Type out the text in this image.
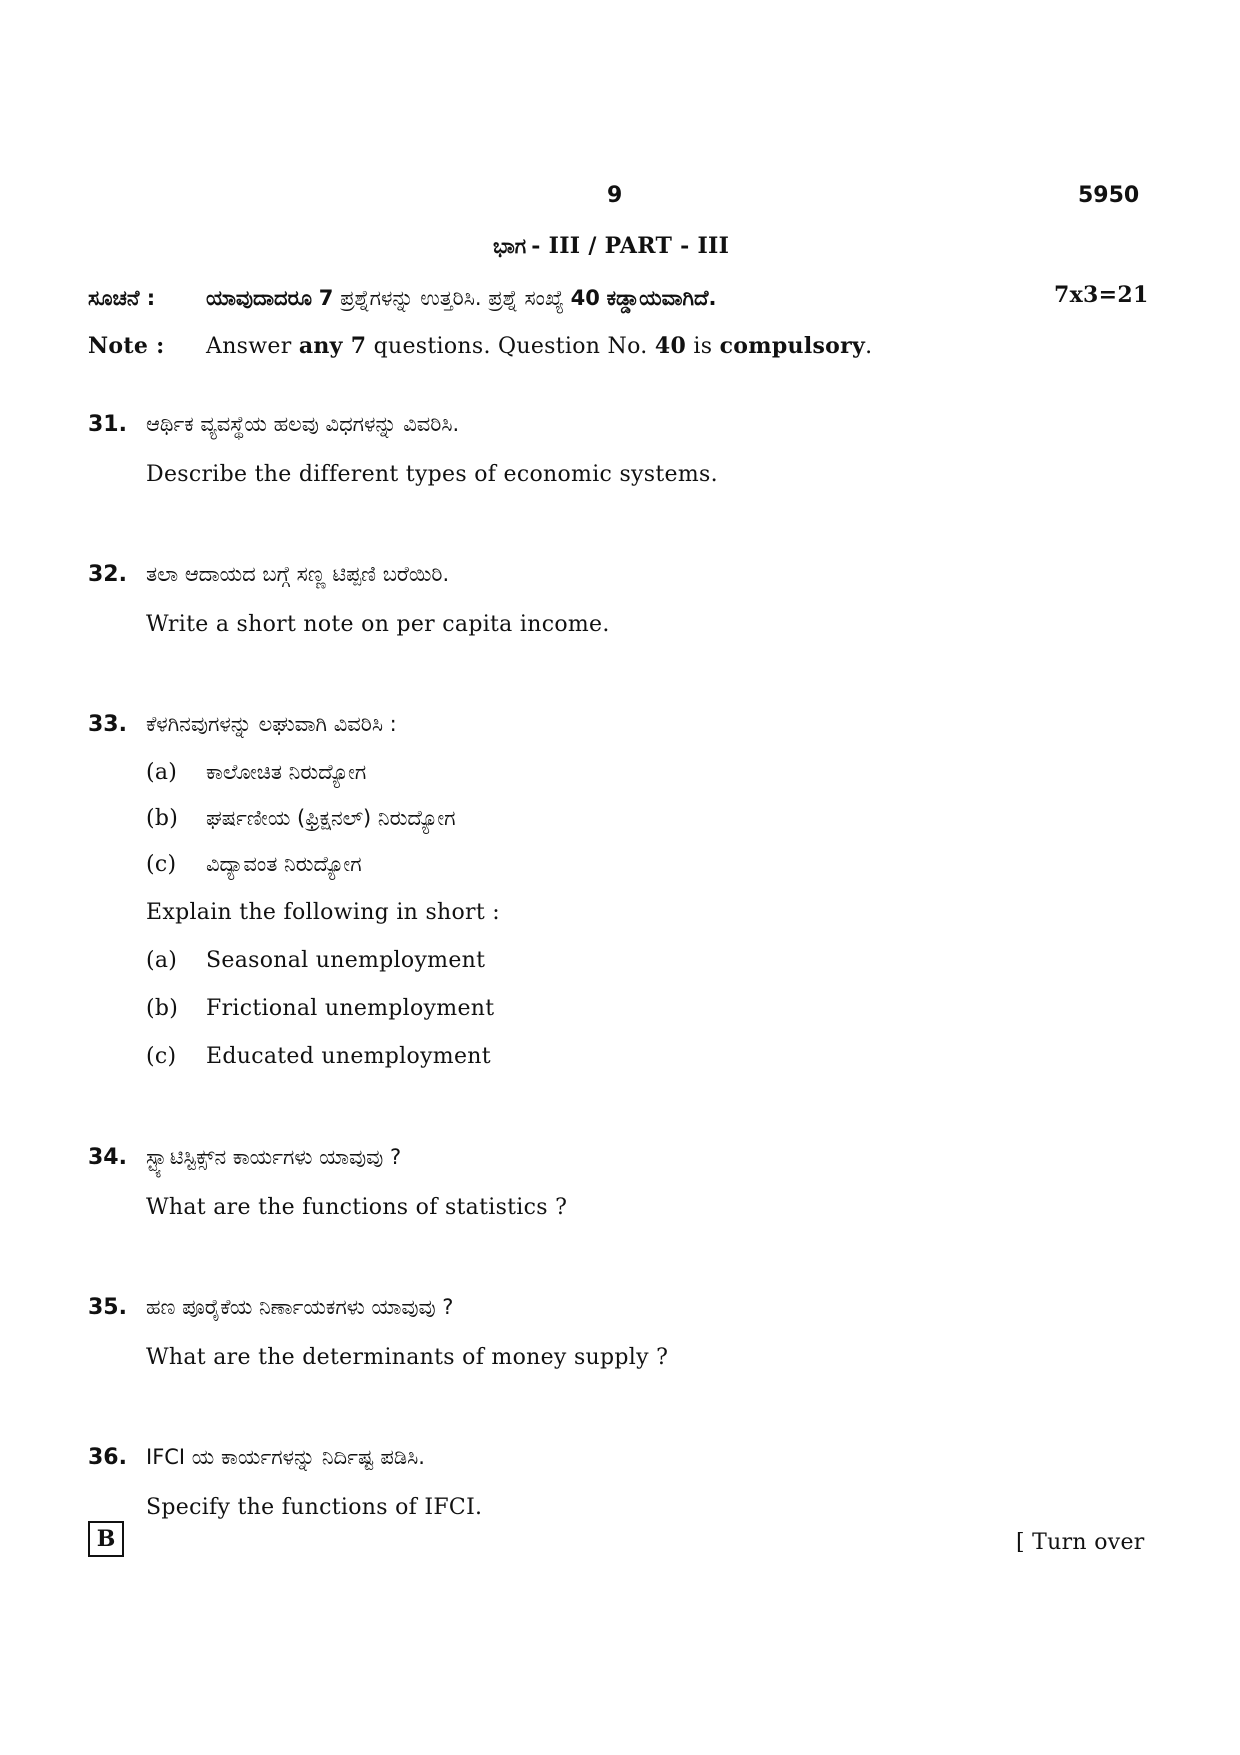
9	5950
ಭಾಗ - III / PART - III
ಸೂಚನೆ : ಯಾವುದಾದರೂ 7 ಪ್ರಶ್ನೆಗಳನ್ನು ಉತ್ತರಿಸಿ. ಪ್ರಶ್ನೆ ಸಂಖ್ಯೆ 40 ಕಡ್ಡಾಯವಾಗಿದೆ.	7x3=21
Note : Answer any 7 questions. Question No. 40 is compulsory.
31. ಆರ್ಥಿಕ ವ್ಯವಸ್ಥೆಯ ಹಲವು ವಿಧಗಳನ್ನು ವಿವರಿಸಿ.
Describe the different types of economic systems.
32. ತಲಾ ಆದಾಯದ ಬಗ್ಗೆ ಸಣ್ಣ ಟಿಪ್ಪಣಿ ಬರೆಯಿರಿ.
Write a short note on per capita income.
33. ಕೆಳಗಿನವುಗಳನ್ನು ಲಘುವಾಗಿ ವಿವರಿಸಿ :
(a) ಕಾಲೋಚಿತ ನಿರುದ್ಯೋಗ
(b) ಘರ್ಷಣೀಯ (ಫ್ರಿಕ್ಷನಲ್) ನಿರುದ್ಯೋಗ
(c) ವಿದ್ಯಾವಂತ ನಿರುದ್ಯೋಗ
Explain the following in short :
(a) Seasonal unemployment
(b) Frictional unemployment
(c) Educated unemployment
34. ಸ್ಟ್ಯಾಟಿಸ್ಟಿಕ್ಸ್‌ನ ಕಾರ್ಯಗಳು ಯಾವುವು ?
What are the functions of statistics ?
35. ಹಣ ಪೂರೈಕೆಯ ನಿರ್ಣಾಯಕಗಳು ಯಾವುವು ?
What are the determinants of money supply ?
36. IFCI ಯ ಕಾರ್ಯಗಳನ್ನು ನಿರ್ದಿಷ್ಟ ಪಡಿಸಿ.
Specify the functions of IFCI.
B	[ Turn over
